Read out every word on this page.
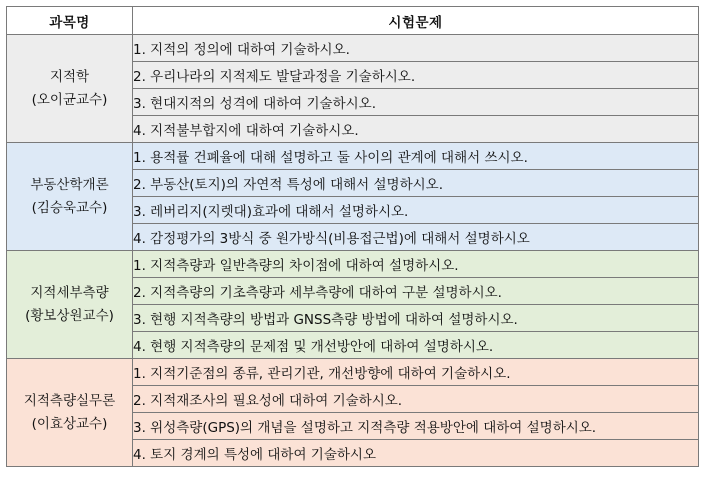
과목명	시험문제

지적학
(오이균교수)	1. 지적의 정의에 대하여 기술하시오.
	2. 우리나라의 지적제도 발달과정을 기술하시오.
	3. 현대지적의 성격에 대하여 기술하시오.
	4. 지적불부합지에 대하여 기술하시오.

부동산학개론
(김승욱교수)	1. 용적률 건폐율에 대해 설명하고 둘 사이의 관계에 대해서 쓰시오.
	2. 부동산(토지)의 자연적 특성에 대해서 설명하시오.
	3. 레버리지(지렛대)효과에 대해서 설명하시오.
	4. 감정평가의 3방식 중 원가방식(비용접근법)에 대해서 설명하시오

지적세부측량
(황보상원교수)	1. 지적측량과 일반측량의 차이점에 대하여 설명하시오.
	2. 지적측량의 기초측량과 세부측량에 대하여 구분 설명하시오.
	3. 현행 지적측량의 방법과 GNSS측량 방법에 대하여 설명하시오.
	4. 현행 지적측량의 문제점 및 개선방안에 대하여 설명하시오.

지적측량실무론
(이효상교수)	1. 지적기준점의 종류, 관리기관, 개선방향에 대하여 기술하시오.
	2. 지적재조사의 필요성에 대하여 기술하시오.
	3. 위성측량(GPS)의 개념을 설명하고 지적측량 적용방안에 대하여 설명하시오.
	4. 토지 경계의 특성에 대하여 기술하시오
